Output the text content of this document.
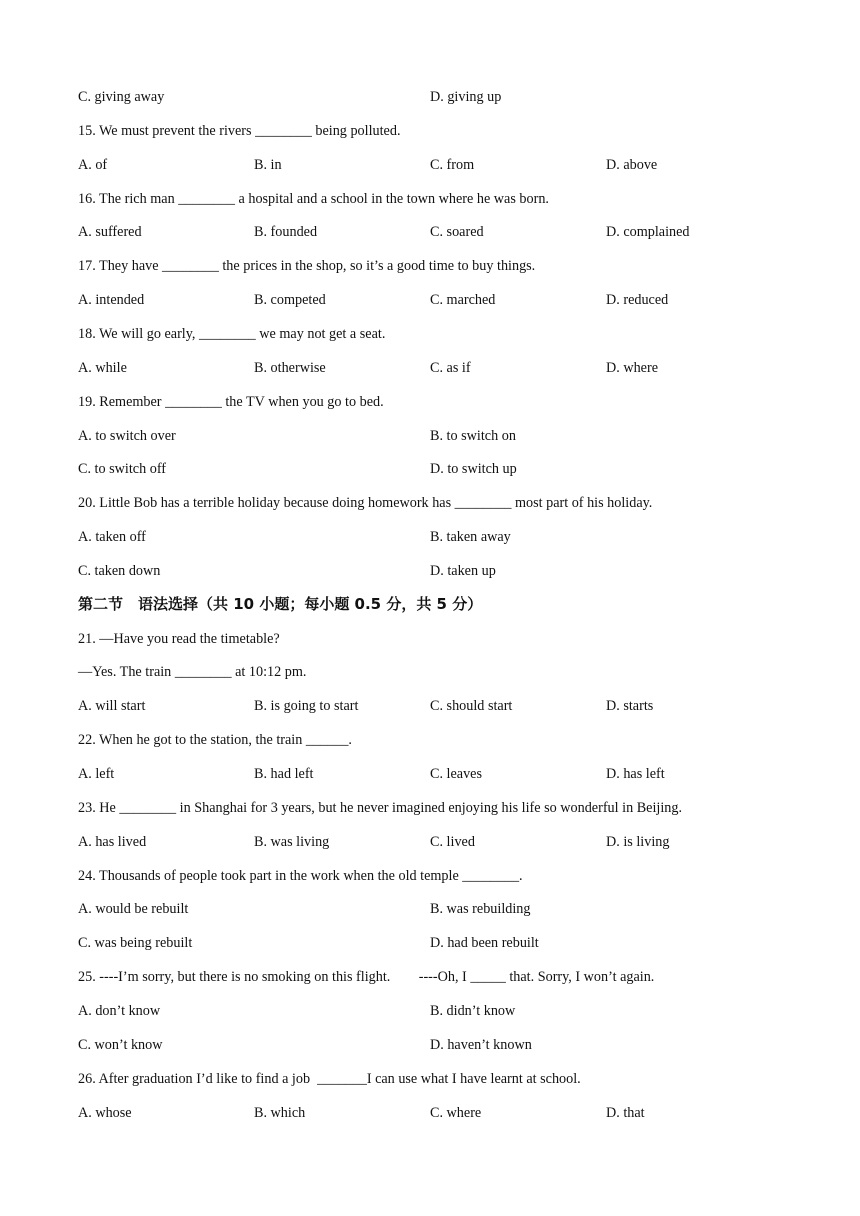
C. giving away	D. giving up
15. We must prevent the rivers ________ being polluted.
A. of	B. in	C. from	D. above
16. The rich man ________ a hospital and a school in the town where he was born.
A. suffered	B. founded	C. soared	D. complained
17. They have ________ the prices in the shop, so it’s a good time to buy things.
A. intended	B. competed	C. marched	D. reduced
18. We will go early, ________ we may not get a seat.
A. while	B. otherwise	C. as if	D. where
19. Remember ________ the TV when you go to bed.
A. to switch over	B. to switch on
C. to switch off	D. to switch up
20. Little Bob has a terrible holiday because doing homework has ________ most part of his holiday.
A. taken off	B. taken away
C. taken down	D. taken up
第二节　语法选择（共 10 小题；每小题 0.5 分，共 5 分）
21. —Have you read the timetable?
—Yes. The train ________ at 10:12 pm.
A. will start	B. is going to start	C. should start	D. starts
22. When he got to the station, the train ______.
A. left	B. had left	C. leaves	D. has left
23. He ________ in Shanghai for 3 years, but he never imagined enjoying his life so wonderful in Beijing.
A. has lived	B. was living	C. lived	D. is living
24. Thousands of people took part in the work when the old temple ________.
A. would be rebuilt	B. was rebuilding
C. was being rebuilt	D. had been rebuilt
25. ----I’m sorry, but there is no smoking on this flight.        ----Oh, I _____ that. Sorry, I won’t again.
A. don’t know	B. didn’t know
C. won’t know	D. haven’t known
26. After graduation I’d like to find a job  _______I can use what I have learnt at school.
A. whose	B. which	C. where	D. that
